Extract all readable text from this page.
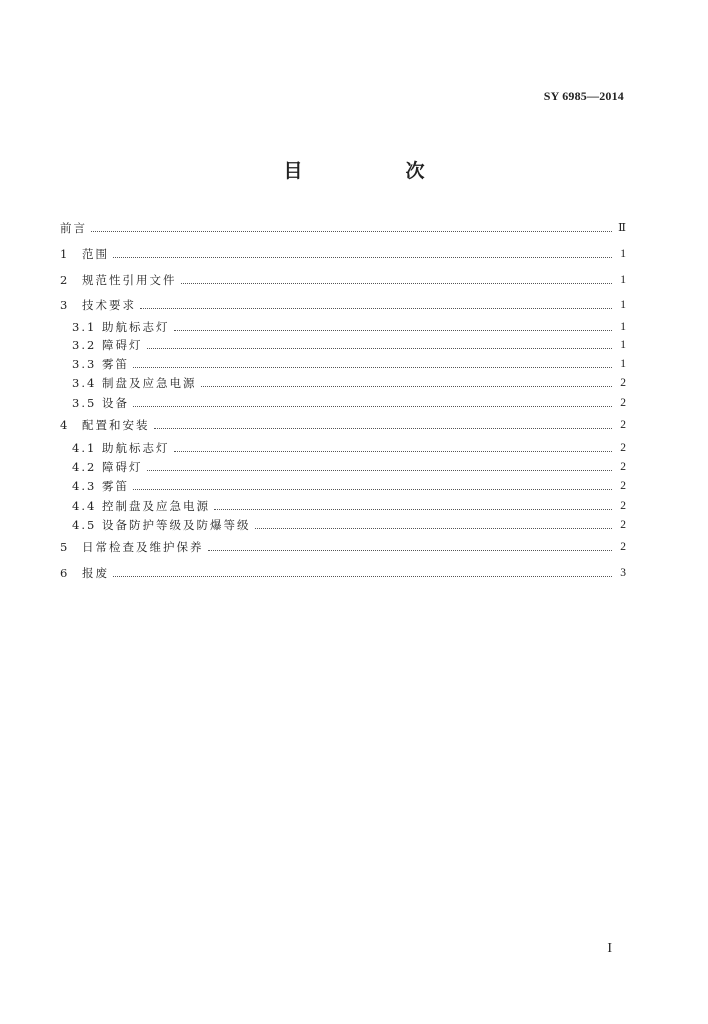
SY 6985—2014
目　次
前言	Ⅱ
1	范围	1
2	规范性引用文件	1
3	技术要求	1
3.1 助航标志灯	1
3.2 障碍灯	1
3.3 雾笛	1
3.4 制盘及应急电源	2
3.5 设备	2
4	配置和安装	2
4.1 助航标志灯	2
4.2 障碍灯	2
4.3 雾笛	2
4.4 控制盘及应急电源	2
4.5 设备防护等级及防爆等级	2
5	日常检查及维护保养	2
6	报废	3
I
